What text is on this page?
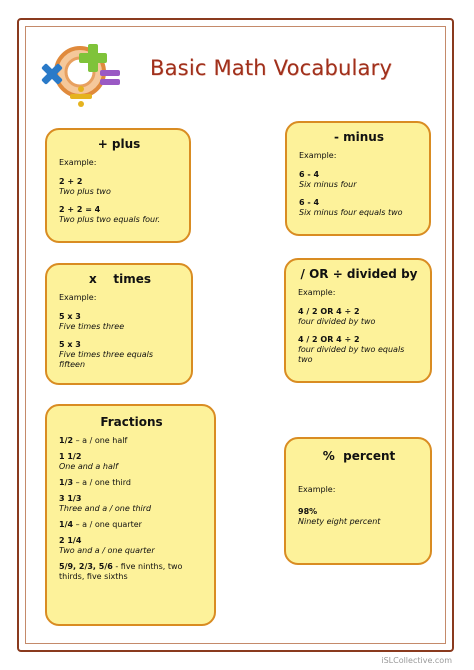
Basic Math Vocabulary
+ plus
Example:
2 + 2
Two plus two
2 + 2 = 4
Two plus two equals four.
- minus
Example:
6 - 4
Six minus four
6 - 4
Six minus four equals two
x    times
Example:
5 x 3
Five times three
5 x 3
Five times three equals fifteen
/ OR ÷ divided by
Example:
4 / 2 OR 4 ÷ 2
four divided by two
4 / 2 OR 4 ÷ 2
four divided by two equals two
Fractions
1/2 – a / one half
1 1/2
One and a half
1/3 – a / one third
3 1/3
Three and a / one third
1/4 – a / one quarter
2 1/4
Two and a / one quarter
5/9, 2/3, 5/6 - five ninths, two thirds, five sixths
%  percent
Example:
98%
Ninety eight percent
iSLCollective.com
